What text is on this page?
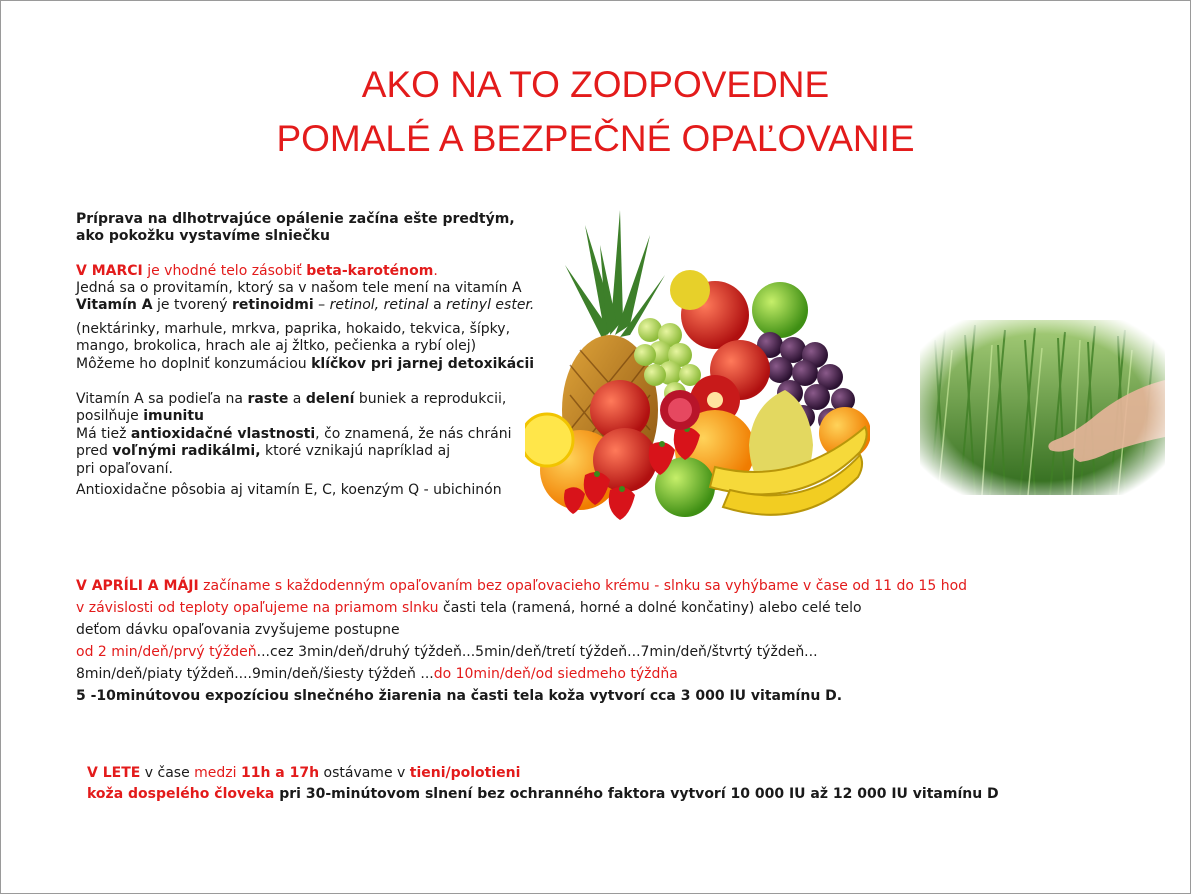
AKO NA TO ZODPOVEDNE
POMALÉ A BEZPEČNÉ OPAĽOVANIE
Príprava na dlhotrvajúce opálenie začína ešte predtým,
ako pokožku vystavíme slniečku
V MARCI je vhodné telo zásobiť beta-karoténom.
Jedná sa o provitamín, ktorý sa v našom tele mení na vitamín A
Vitamín A je tvorený retinoidmi – retinol, retinal a retinyl ester.
(nektárinky, marhule, mrkva, paprika, hokaido, tekvica, šípky,
mango, brokolica, hrach ale aj žltko, pečienka a rybí olej)
Môžeme ho doplniť konzumáciou klíčkov pri jarnej detoxikácii
Vitamín A sa podieľa na raste a delení buniek a reprodukcii,
posilňuje imunitu
Má tiež antioxidačné vlastnosti, čo znamená, že nás chráni
pred voľnými radikálmi, ktoré vznikajú napríklad aj
pri opaľovaní.
Antioxidačne pôsobia aj vitamín E, C, koenzým Q - ubichinón
V APRÍLI A MÁJI začíname s každodenným opaľovaním bez opaľovacieho krému - slnku sa vyhýbame v čase od 11 do 15 hod
v závislosti od teploty opaľujeme na priamom slnku časti tela (ramená, horné a dolné končatiny) alebo celé telo
deťom dávku opaľovania zvyšujeme postupne
od 2 min/deň/prvý týždeň...cez 3min/deň/druhý týždeň...5min/deň/tretí týždeň...7min/deň/štvrtý týždeň...
8min/deň/piaty týždeň....9min/deň/šiesty týždeň ...do 10min/deň/od siedmeho týždňa
5 -10minútovou expozíciou slnečného žiarenia na časti tela koža vytvorí cca 3 000 IU vitamínu D.
V LETE v čase medzi 11h a 17h ostávame v tieni/polotieni
koža dospelého človeka pri 30-minútovom slnení bez ochranného faktora vytvorí 10 000 IU až 12 000 IU vitamínu D
